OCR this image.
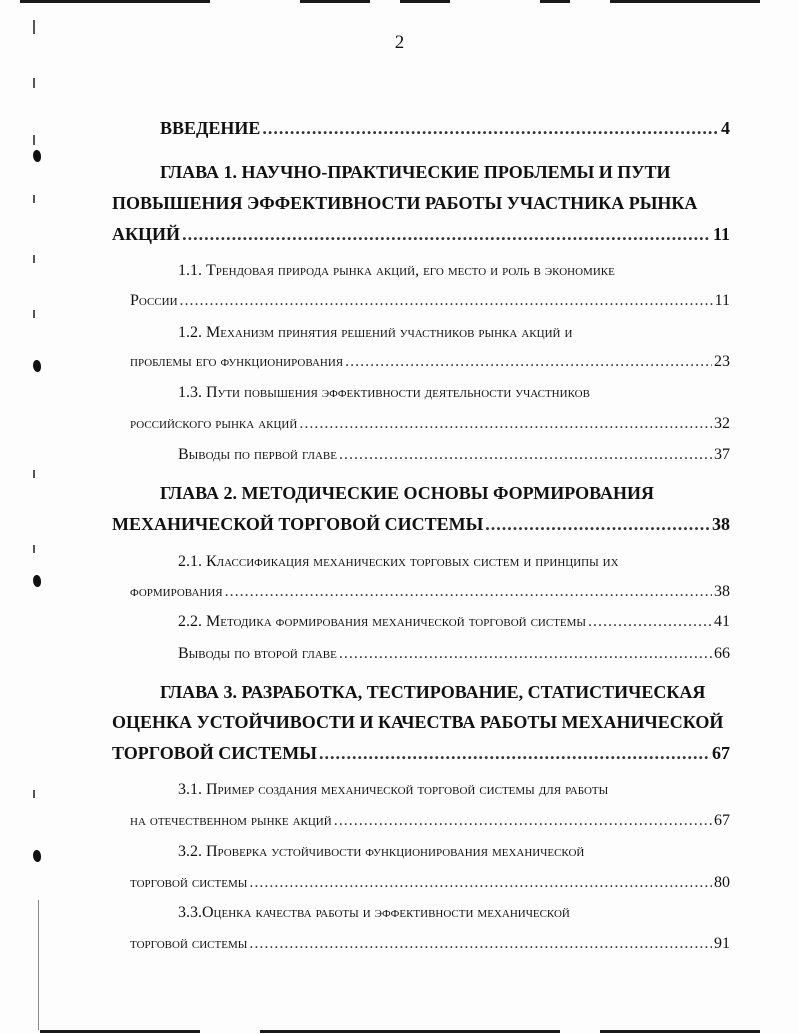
2
ВВЕДЕНИЕ .....	4
ГЛАВА 1. НАУЧНО-ПРАКТИЧЕСКИЕ ПРОБЛЕМЫ И ПУТИ
ПОВЫШЕНИЯ ЭФФЕКТИВНОСТИ РАБОТЫ УЧАСТНИКА РЫНКА
АКЦИЙ .....	11
1.1. Трендовая природа рынка акций, его место и роль в экономике
России .....	11
1.2. Механизм принятия решений участников рынка акций и
проблемы его функционирования .....	23
1.3. Пути повышения эффективности деятельности участников
российского рынка акций .....	32
Выводы по первой главе .....	37
ГЛАВА 2. МЕТОДИЧЕСКИЕ ОСНОВЫ ФОРМИРОВАНИЯ
МЕХАНИЧЕСКОЙ ТОРГОВОЙ СИСТЕМЫ .....	38
2.1. Классификация механических торговых систем и принципы их
формирования .....	38
2.2. Методика формирования механической торговой системы .....	41
Выводы по второй главе .....	66
ГЛАВА 3. РАЗРАБОТКА, ТЕСТИРОВАНИЕ, СТАТИСТИЧЕСКАЯ
ОЦЕНКА УСТОЙЧИВОСТИ И КАЧЕСТВА РАБОТЫ МЕХАНИЧЕСКОЙ
ТОРГОВОЙ СИСТЕМЫ .....	67
3.1. Пример создания механической торговой системы для работы
на отечественном рынке акций .....	67
3.2. Проверка устойчивости функционирования механической
торговой системы .....	80
3.3.Оценка качества работы и эффективности механической
торговой системы .....	91
